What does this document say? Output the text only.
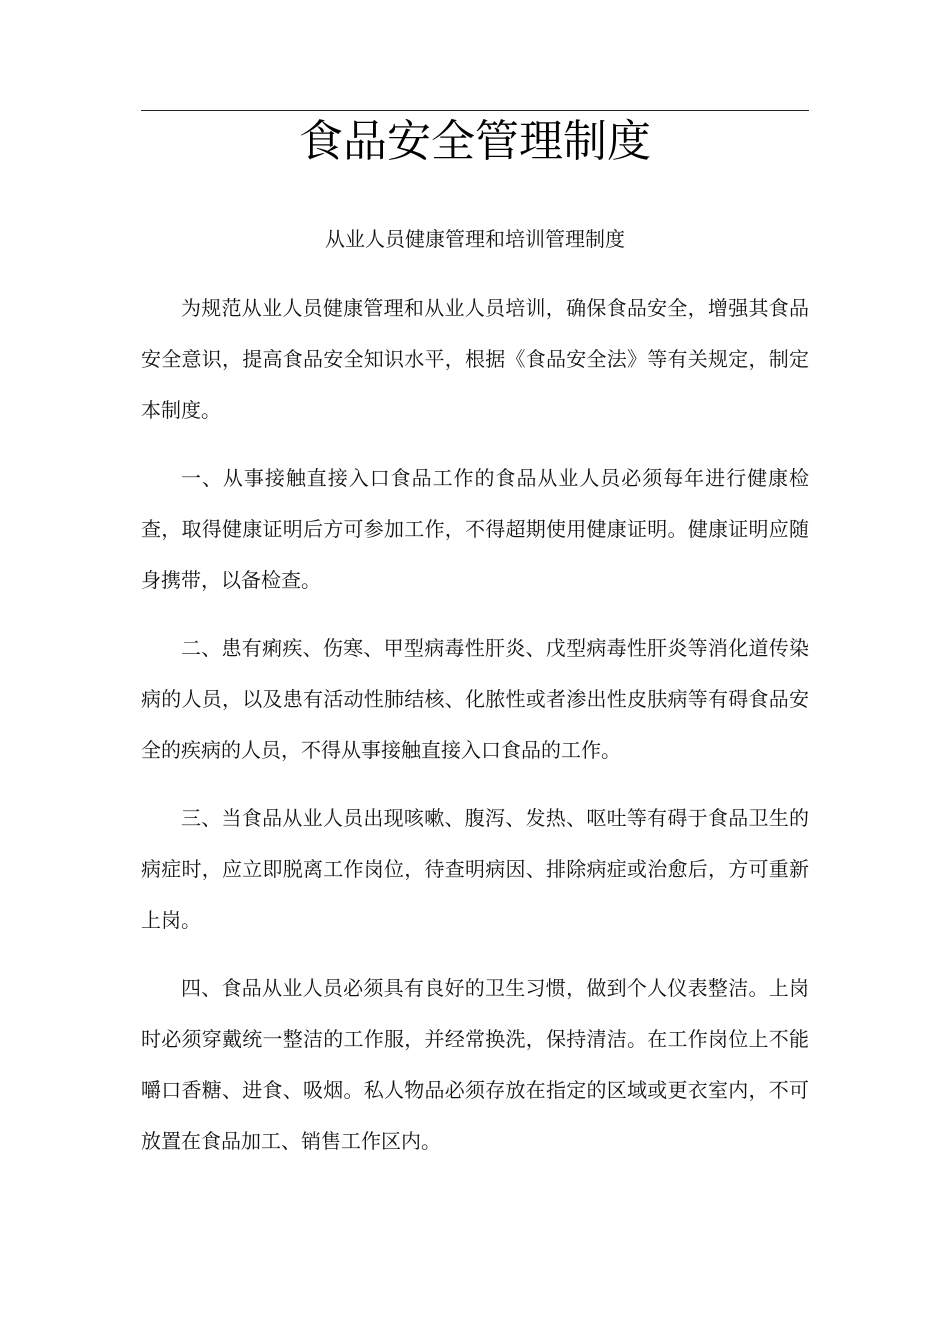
食品安全管理制度
从业人员健康管理和培训管理制度

为规范从业人员健康管理和从业人员培训，确保食品安全，增强其食品安全意识，提高食品安全知识水平，根据《食品安全法》等有关规定，制定本制度。

一、从事接触直接入口食品工作的食品从业人员必须每年进行健康检查，取得健康证明后方可参加工作，不得超期使用健康证明。健康证明应随身携带，以备检查。

二、患有痢疾、伤寒、甲型病毒性肝炎、戊型病毒性肝炎等消化道传染病的人员，以及患有活动性肺结核、化脓性或者渗出性皮肤病等有碍食品安全的疾病的人员，不得从事接触直接入口食品的工作。

三、当食品从业人员出现咳嗽、腹泻、发热、呕吐等有碍于食品卫生的病症时，应立即脱离工作岗位，待查明病因、排除病症或治愈后，方可重新上岗。

四、食品从业人员必须具有良好的卫生习惯，做到个人仪表整洁。上岗时必须穿戴统一整洁的工作服，并经常换洗，保持清洁。在工作岗位上不能嚼口香糖、进食、吸烟。私人物品必须存放在指定的区域或更衣室内，不可放置在食品加工、销售工作区内。
